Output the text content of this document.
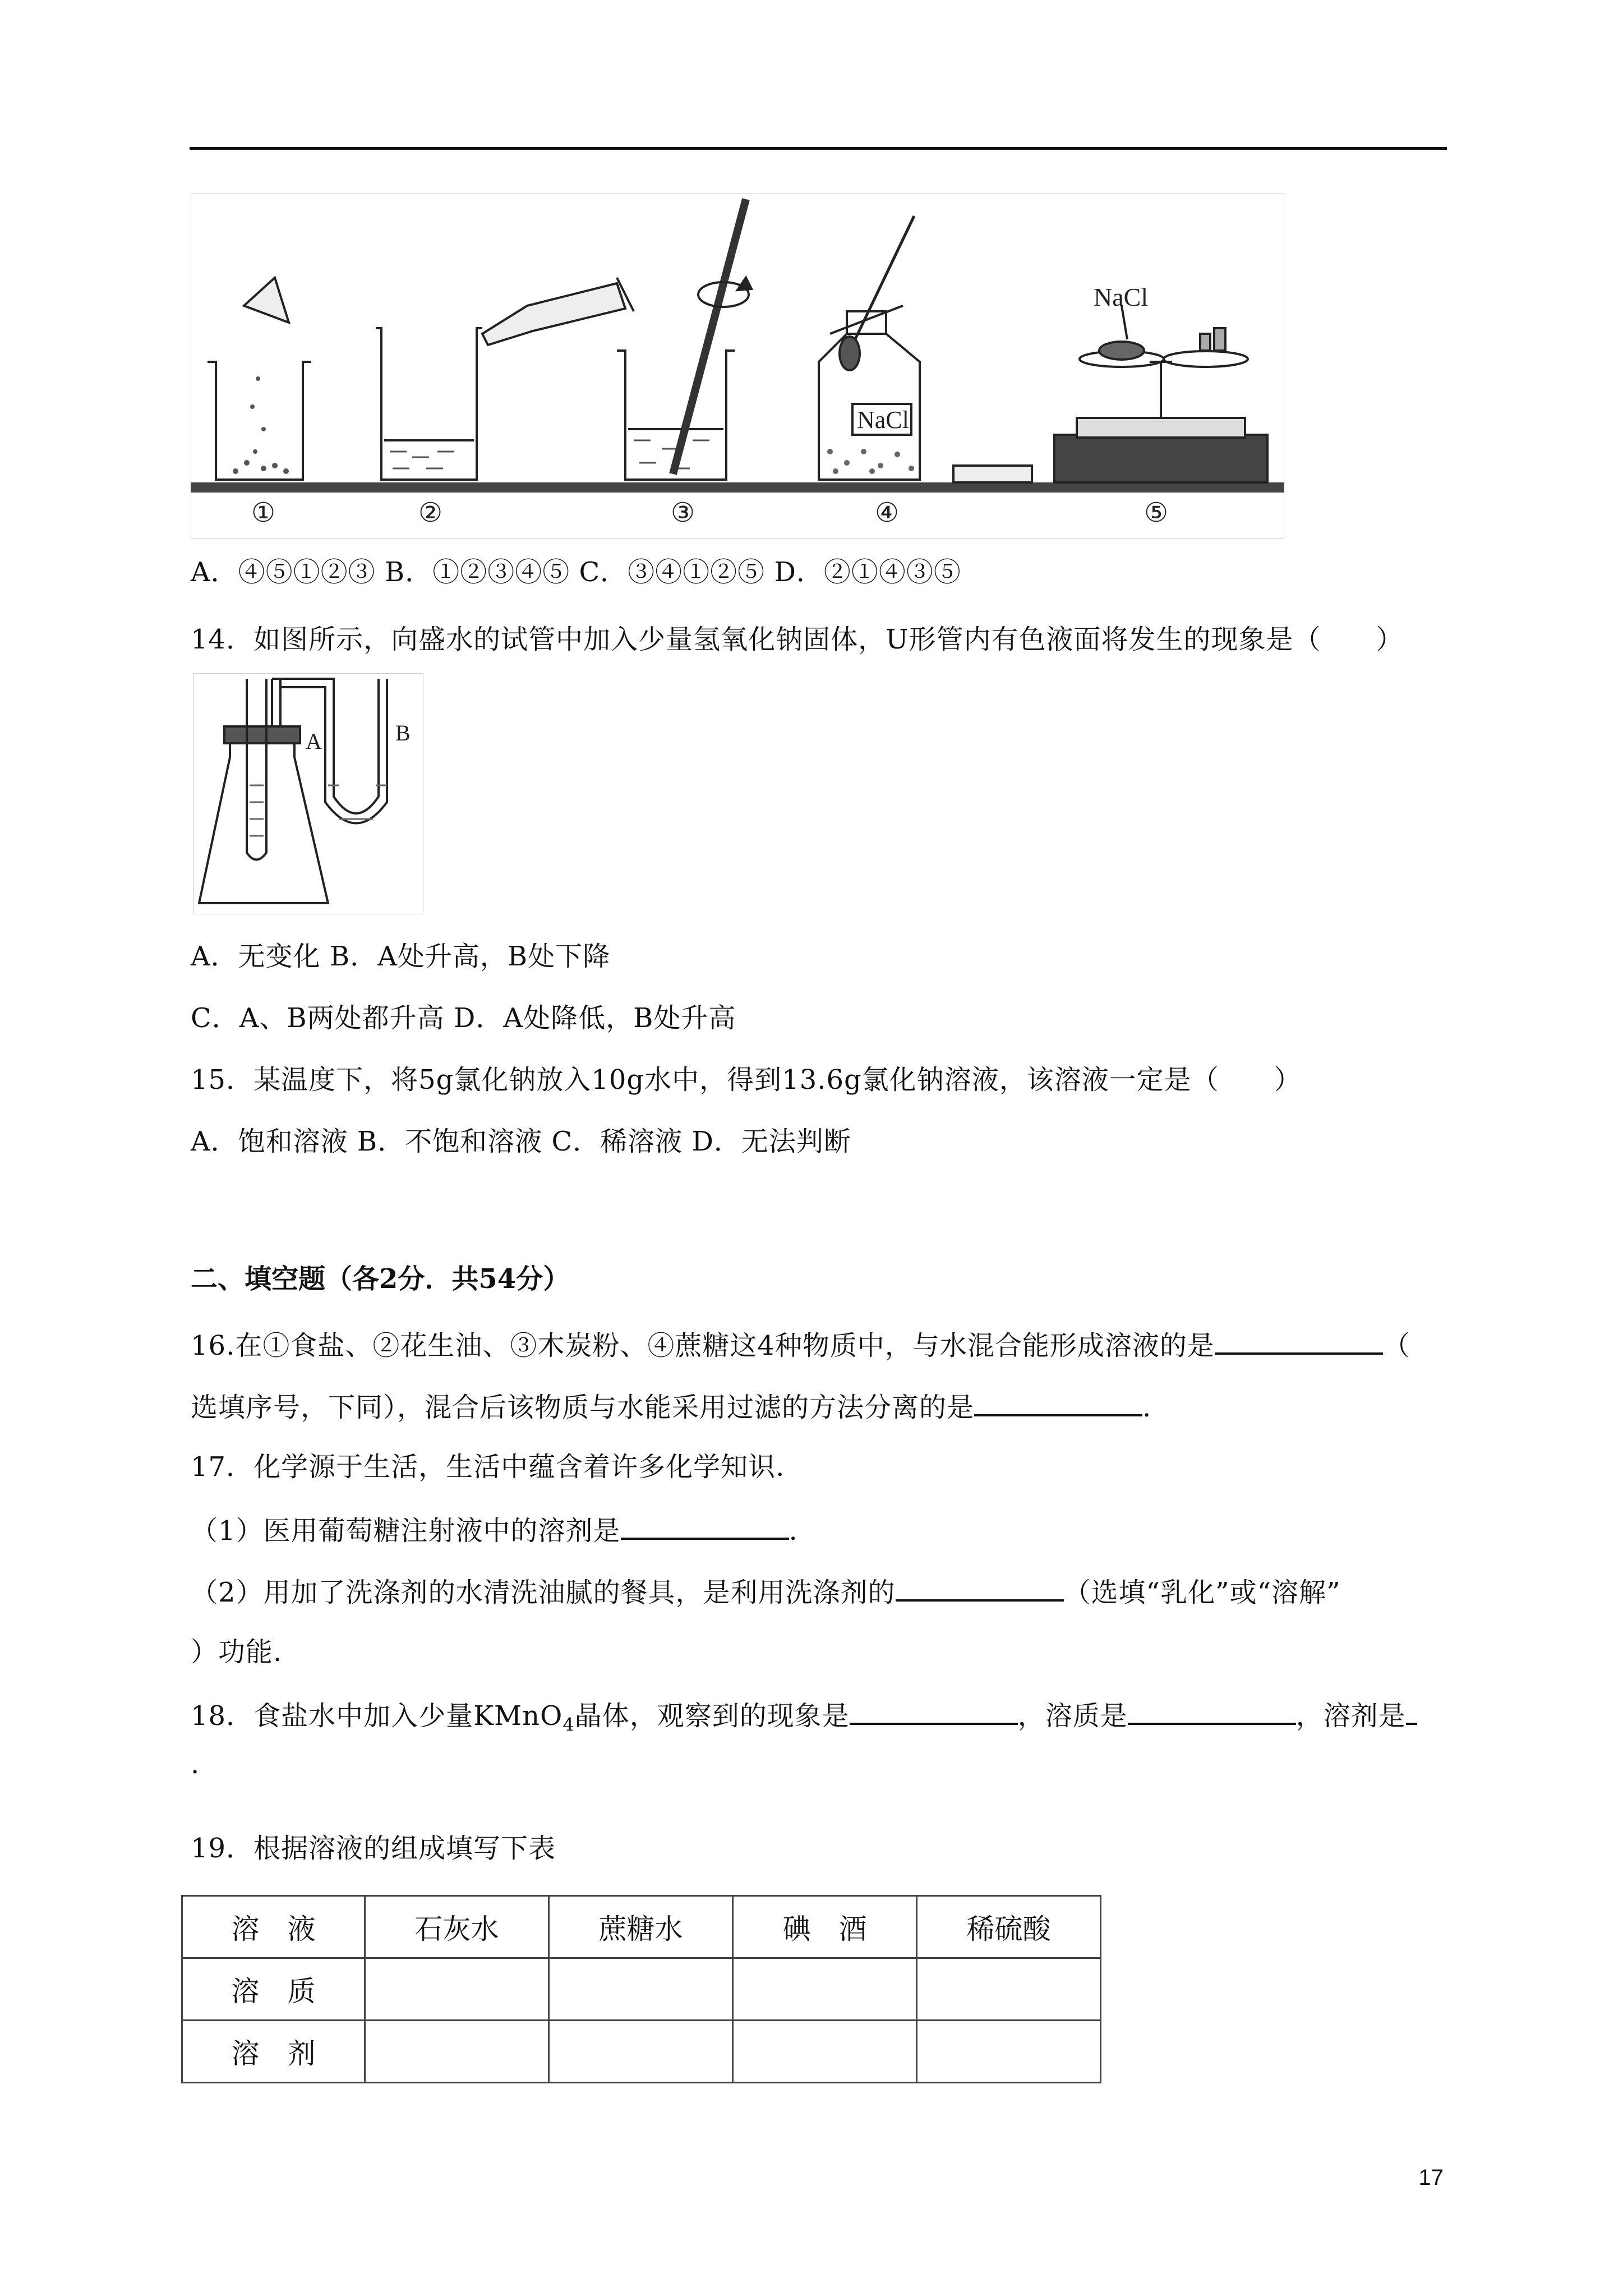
NaCl
NaCl
①	②	③	④	⑤
A．④⑤①②③ B．①②③④⑤ C．③④①②⑤ D．②①④③⑤
14．如图所示，向盛水的试管中加入少量氢氧化钠固体，U形管内有色液面将发生的现象是（　　）
A	B
A．无变化 B．A处升高，B处下降
C．A、B两处都升高 D．A处降低，B处升高
15．某温度下，将5g氯化钠放入10g水中，得到13.6g氯化钠溶液，该溶液一定是（　　）
A．饱和溶液 B．不饱和溶液 C．稀溶液 D．无法判断
二、填空题（各2分．共54分）
16.在①食盐、②花生油、③木炭粉、④蔗糖这4种物质中，与水混合能形成溶液的是	（
选填序号，下同），混合后该物质与水能采用过滤的方法分离的是	.
17．化学源于生活，生活中蕴含着许多化学知识.
（1）医用葡萄糖注射液中的溶剂是	.
（2）用加了洗涤剂的水清洗油腻的餐具，是利用洗涤剂的	（选填“乳化”或“溶解”
）功能.
18．食盐水中加入少量KMnO$_4$晶体，观察到的现象是	，溶质是	，溶剂是
.
19．根据溶液的组成填写下表
溶　液	石灰水	蔗糖水	碘　酒	稀硫酸
溶　质				
溶　剂				
17
